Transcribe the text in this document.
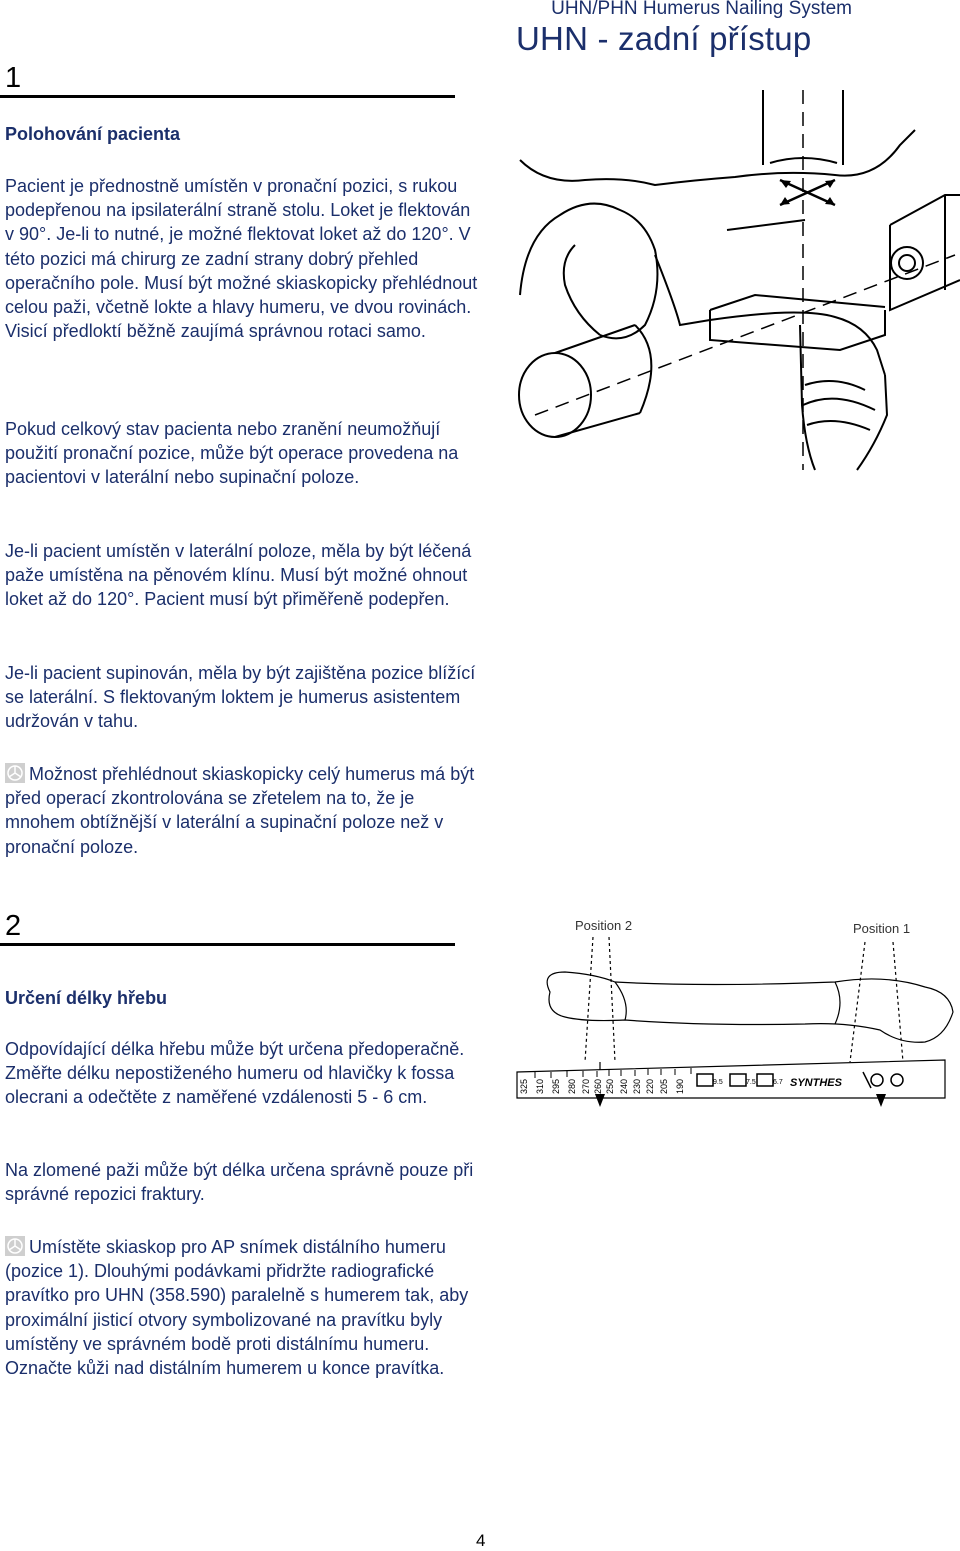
UHN/PHN Humerus Nailing System
UHN - zadní přístup
1
Polohování pacienta

Pacient je přednostně umístěn v pronační pozici, s rukou podepřenou na ipsilaterální straně stolu. Loket je flektován v 90°. Je-li to nutné, je možné flektovat loket až do 120°. V této pozici má chirurg ze zadní strany dobrý přehled operačního pole. Musí být možné skiaskopicky přehlédnout celou paži, včetně lokte a hlavy humeru, ve dvou rovinách. Visicí předloktí běžně zaujímá správnou rotaci samo.

Pokud celkový stav pacienta nebo zranění neumožňují použití pronační pozice, může být operace provedena na pacientovi v laterální nebo supinační poloze.

Je-li pacient umístěn v laterální poloze, měla by být léčená paže umístěna na pěnovém klínu. Musí být možné ohnout loket až do 120°. Pacient musí být přiměřeně podepřen.

Je-li pacient supinován, měla by být zajištěna pozice blížící se laterální. S flektovaným loktem je humerus asistentem udržován v tahu.

Možnost přehlédnout skiaskopicky celý humerus má být před operací zkontrolována se zřetelem na to, že je mnohem obtížnější v laterální a supinační poloze než v pronační poloze.

2
Určení délky hřebu

Odpovídající délka hřebu může být určena předoperačně. Změřte délku nepostiženého humeru od hlavičky k fossa olecrani a odečtěte z naměřené vzdálenosti 5 - 6 cm.

Na zlomené paži může být délka určena správně pouze při správné repozici fraktury.

Umístěte skiaskop pro AP snímek distálního humeru (pozice 1). Dlouhými podávkami přidržte radiografické pravítko pro UHN (358.590) paralelně s humerem tak, aby proximální jisticí otvory symbolizované na pravítku byly umístěny ve správném bodě proti distálnímu humeru. Označte kůži nad distálním humerem u konce pravítka.

Position 2	Position 1
325 310 295 280 270 260 250 240 230 220 205 190	9.5	7.5 6.7 SYNTHES
4
